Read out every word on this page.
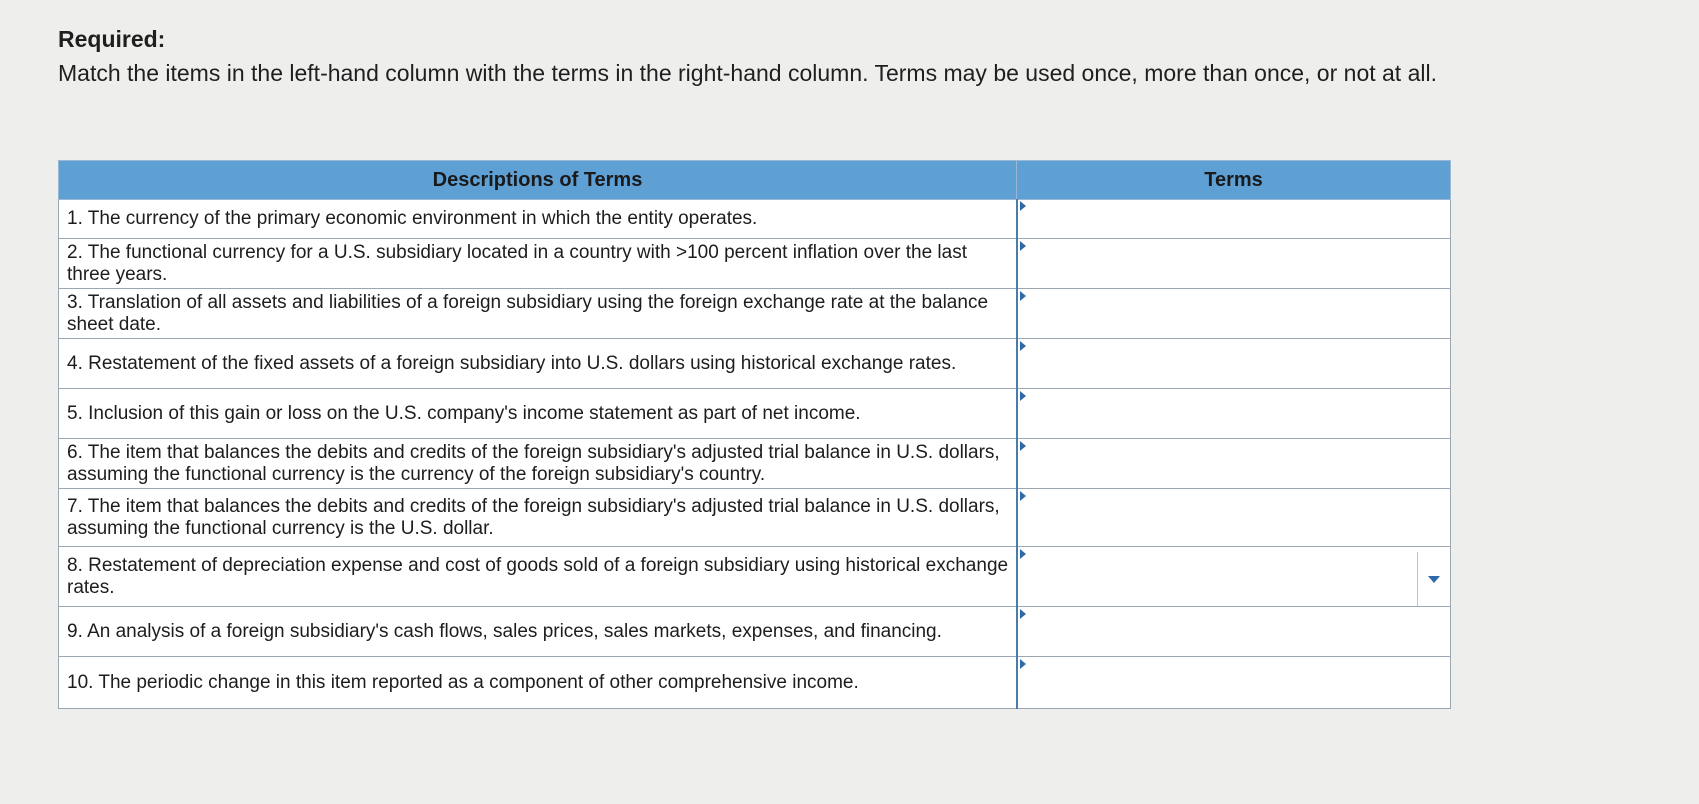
Required:
Match the items in the left-hand column with the terms in the right-hand column. Terms may be used once, more than once, or not at all.
Descriptions of Terms	Terms
1. The currency of the primary economic environment in which the entity operates.	

2. The functional currency for a U.S. subsidiary located in a country with >100 percent inflation over the last three years.	

3. Translation of all assets and liabilities of a foreign subsidiary using the foreign exchange rate at the balance sheet date.	

4. Restatement of the fixed assets of a foreign subsidiary into U.S. dollars using historical exchange rates.	

5. Inclusion of this gain or loss on the U.S. company's income statement as part of net income.	

6. The item that balances the debits and credits of the foreign subsidiary's adjusted trial balance in U.S. dollars, assuming the functional currency is the currency of the foreign subsidiary's country.	

7. The item that balances the debits and credits of the foreign subsidiary's adjusted trial balance in U.S. dollars, assuming the functional currency is the U.S. dollar.	

8. Restatement of depreciation expense and cost of goods sold of a foreign subsidiary using historical exchange rates.	

9. An analysis of a foreign subsidiary's cash flows, sales prices, sales markets, expenses, and financing.	

10. The periodic change in this item reported as a component of other comprehensive income.	
